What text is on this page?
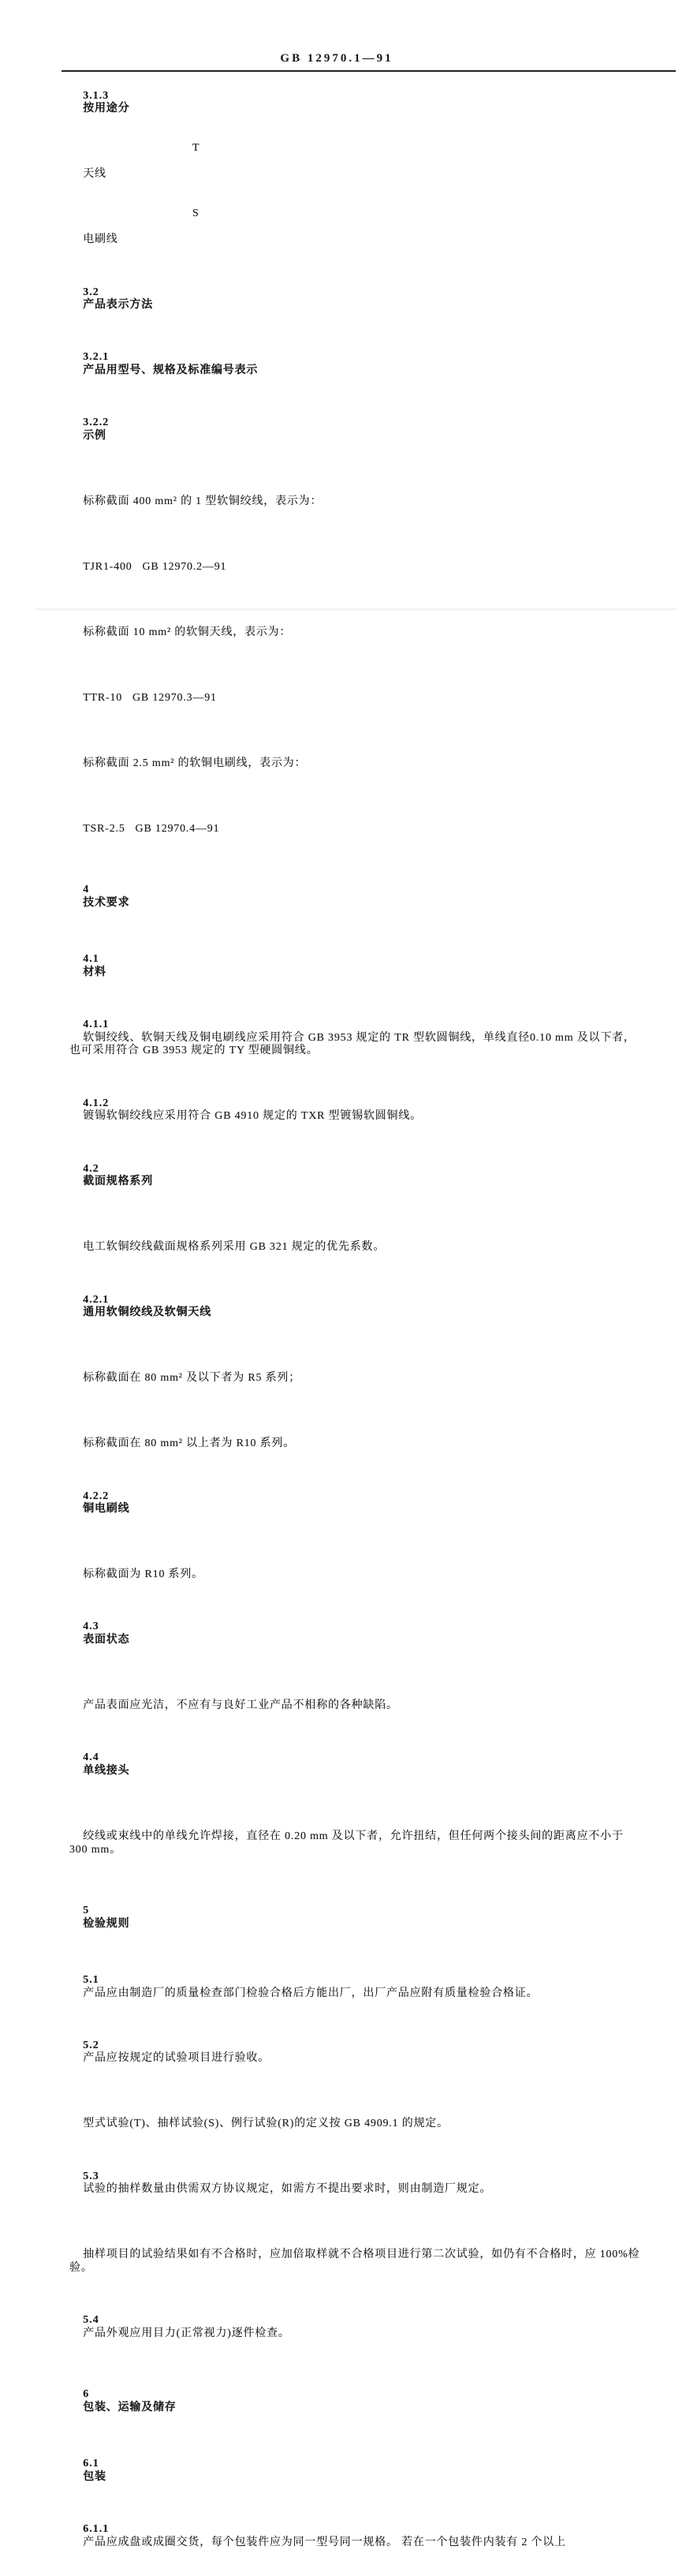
GB 12970.1—91

3.1.3
按用途分

天线

T

电刷线

S

3.2
产品表示方法

3.2.1
产品用型号、规格及标准编号表示

3.2.2
示例

标称截面 400 mm² 的 1 型软铜绞线，表示为：

TJR1-400   GB 12970.2—91

标称截面 10 mm² 的软铜天线，表示为：

TTR-10   GB 12970.3—91

标称截面 2.5 mm² 的软铜电刷线，表示为：

TSR-2.5   GB 12970.4—91

4
技术要求

4.1
材料

4.1.1
软铜绞线、软铜天线及铜电刷线应采用符合 GB 3953 规定的 TR 型软圆铜线，单线直径0.10 mm 及以下者，也可采用符合 GB 3953 规定的 TY 型硬圆铜线。

4.1.2
镀锡软铜绞线应采用符合 GB 4910 规定的 TXR 型镀锡软圆铜线。

4.2
截面规格系列

电工软铜绞线截面规格系列采用 GB 321 规定的优先系数。

4.2.1
通用软铜绞线及软铜天线

标称截面在 80 mm² 及以下者为 R5 系列；

标称截面在 80 mm² 以上者为 R10 系列。

4.2.2
铜电刷线

标称截面为 R10 系列。

4.3
表面状态

产品表面应光洁，不应有与良好工业产品不相称的各种缺陷。

4.4
单线接头

绞线或束线中的单线允许焊接，直径在 0.20 mm 及以下者，允许扭结，但任何两个接头间的距离应不小于 300 mm。

5
检验规则

5.1
产品应由制造厂的质量检查部门检验合格后方能出厂，出厂产品应附有质量检验合格证。

5.2
产品应按规定的试验项目进行验收。

型式试验(T)、抽样试验(S)、例行试验(R)的定义按 GB 4909.1 的规定。

5.3
试验的抽样数量由供需双方协议规定，如需方不提出要求时，则由制造厂规定。

抽样项目的试验结果如有不合格时，应加倍取样就不合格项目进行第二次试验，如仍有不合格时，应 100%检验。

5.4
产品外观应用目力(正常视力)逐件检查。

6
包装、运输及储存

6.1
包装

6.1.1
产品应成盘或成圈交货，每个包装件应为同一型号同一规格。 若在一个包装件内装有 2 个以上
